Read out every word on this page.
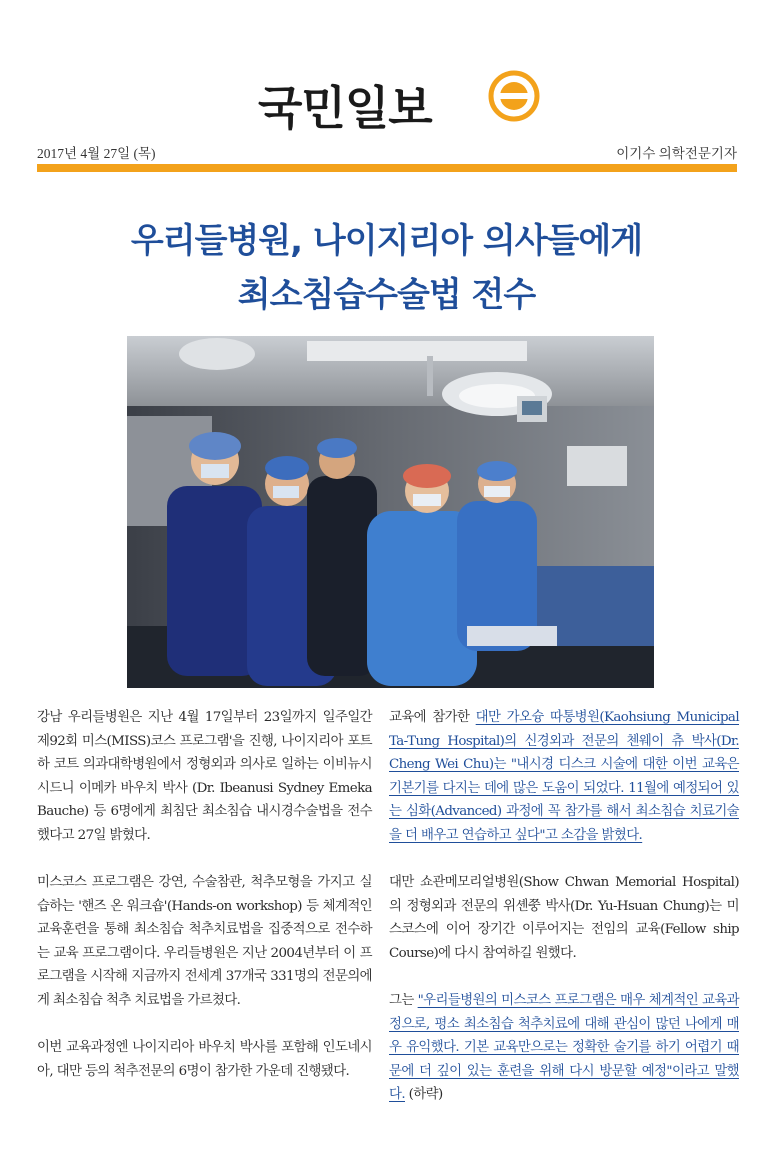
국민일보
2017년 4월 27일 (목)	이기수 의학전문기자
우리들병원, 나이지리아 의사들에게
최소침습수술법 전수

강남 우리들병원은 지난 4월 17일부터 23일까지 일주일간 제92회 미스(MISS)코스 프로그램'을 진행, 나이지리아 포트 하 코트 의과대학병원에서 정형외과 의사로 일하는 이비뉴시 시드니 이메카 바우치 박사 (Dr. Ibeanusi Sydney Emeka Bauche) 등 6명에게 최침단 최소침습 내시경수술법을 전수했다고 27일 밝혔다.

미스코스 프로그램은 강연, 수술참관, 척추모형을 가지고 실습하는 '핸즈 온 워크숍'(Hands-on workshop) 등 체계적인 교육훈련을 통해 최소침습 척추치료법을 집중적으로 전수하는 교육 프로그램이다. 우리들병원은 지난 2004년부터 이 프로그램을 시작해 지금까지 전세계 37개국 331명의 전문의에게 최소침습 척추 치료법을 가르쳤다.

이번 교육과정엔 나이지리아 바우치 박사를 포함해 인도네시아, 대만 등의 척추전문의 6명이 참가한 가운데 진행됐다.

교육에 참가한 대만 가오슝 따통병원(Kaohsiung Municipal Ta-Tung Hospital)의 신경외과 전문의 첸웨이 츄 박사(Dr. Cheng Wei Chu)는 "내시경 디스크 시술에 대한 이번 교육은 기본기를 다지는 데에 많은 도움이 되었다. 11월에 예정되어 있는 심화(Advanced) 과정에 꼭 참가를 해서 최소침습 치료기술을 더 배우고 연습하고 싶다"고 소감을 밝혔다.

대만 쇼관메모리얼병원(Show Chwan Memorial Hospital)의 정형외과 전문의 위셴쭝 박사(Dr. Yu-Hsuan Chung)는 미스코스에 이어 장기간 이루어지는 전임의 교육(Fellow ship Course)에 다시 참여하길 원했다.

그는 "우리들병원의 미스코스 프로그램은 매우 체계적인 교육과정으로, 평소 최소침습 척추치료에 대해 관심이 많던 나에게 매우 유익했다. 기본 교육만으로는 정확한 술기를 하기 어렵기 때문에 더 깊이 있는 훈련을 위해 다시 방문할 예정"이라고 말했다. (하략)
